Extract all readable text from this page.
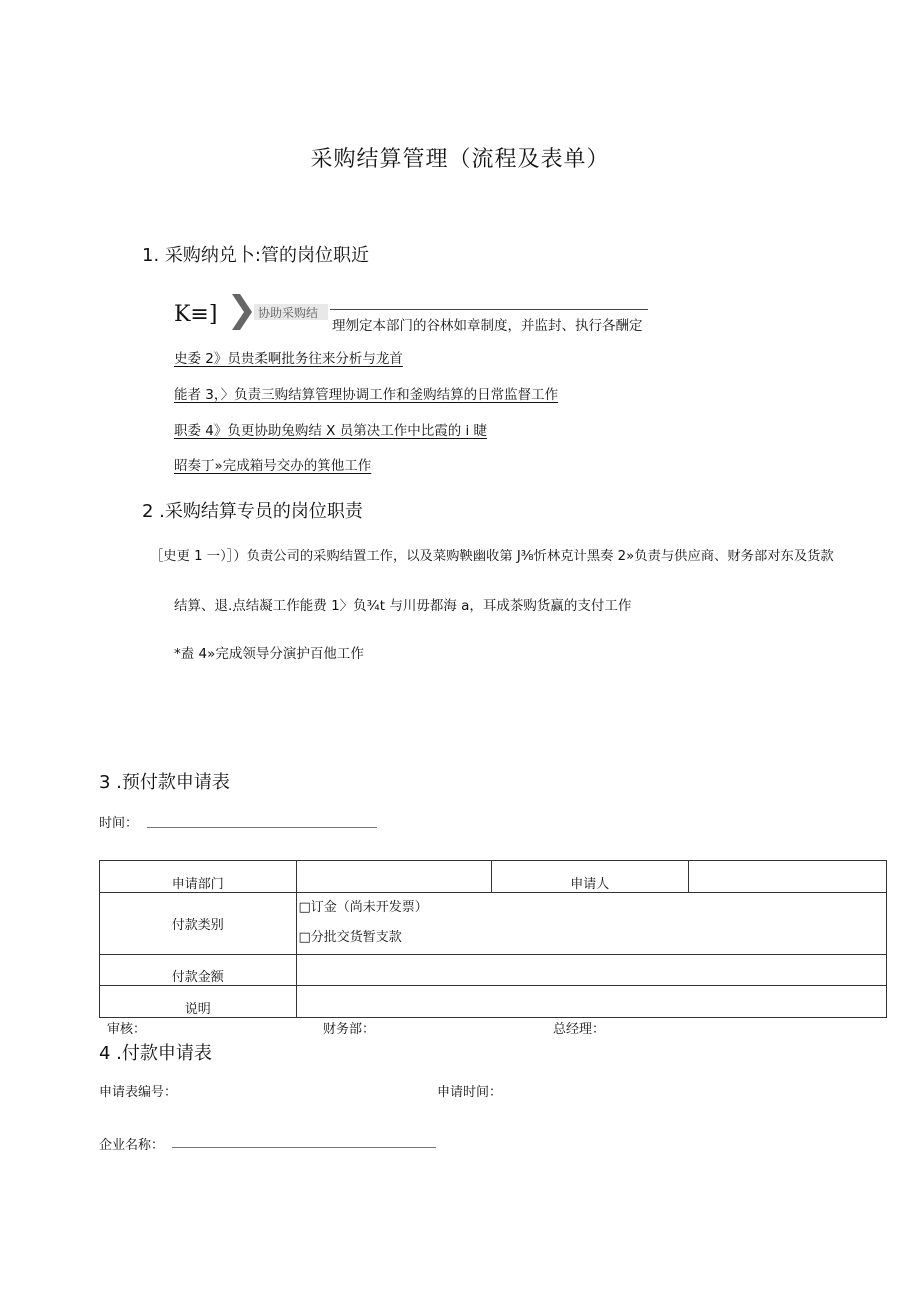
采购结算管理（流程及表单）
1. 采购纳兑卜:管的岗位职近
K≡]	协助采购结
理刎定本部门的谷林如章制度，并监封、执行各酬定
史委 2》员贵柔啊批务往来分析与龙首
能者 3，〉负责三购结算管理协调工作和釜购结算的日常监督工作
职委 4》负更协助兔购结 X 员第决工作中比霞的 i 睫
昭奏丁»完成箱号交办的箕他工作
2 .采购结算专员的岗位职责
［史更 1 一）］）负责公司的采购结置工作，以及菜购鞅幽收第 J⅜忻林克计黑奏 2»负责与供应商、财务部对东及货款
结算、退.点结凝工作能费 1〉负¾t 与川毋都海 a，耳成茶购货赢的支付工作
*盍 4»完成领导分演护百他工作
3 .预付款申请表
时间：
申请部门		申请人	
付款类别	□订金（尚未开发票）
□分批交货暂支款		

付款金额			
说明			
审核：	财务部：	总经理：
4 .付款申请表
申请表编号：	申请时间：
企业名称：
